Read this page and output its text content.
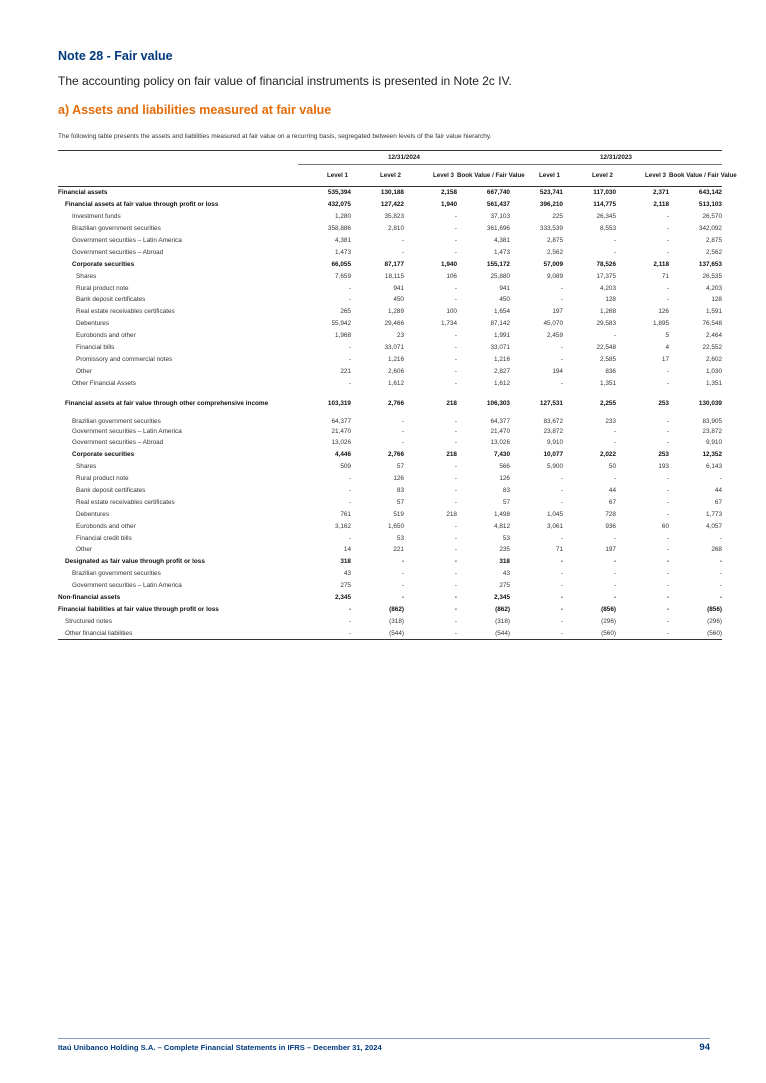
Note 28 - Fair value
The accounting policy on fair value of financial instruments is presented in Note 2c IV.
a) Assets and liabilities measured at fair value
The following table presents the assets and liabilities measured at fair value on a recurring basis, segregated between levels of the fair value hierarchy.
	12/31/2024				12/31/2023			
	Level 1	Level 2	Level 3	Book Value / Fair Value	Level 1	Level 2	Level 3	Book Value / Fair Value
Financial assets	535,394	130,188	2,158	667,740	523,741	117,030	2,371	643,142
Financial assets at fair value through profit or loss	432,075	127,422	1,940	561,437	396,210	114,775	2,118	513,103
Investment funds	1,280	35,823	-	37,103	225	26,345	-	26,570
Brazilian government securities	358,886	2,810	-	361,696	333,539	8,553	-	342,092
Government securities – Latin America	4,381	-	-	4,381	2,875	-	-	2,875
Government securities – Abroad	1,473	-	-	1,473	2,562	-	-	2,562
Corporate securities	66,055	87,177	1,940	155,172	57,009	78,526	2,118	137,653
Shares	7,659	18,115	106	25,880	9,089	17,375	71	26,535
Rural product note	-	941	-	941	-	4,203	-	4,203
Bank deposit certificates	-	450	-	450	-	128	-	128
Real estate receivables certificates	265	1,289	100	1,654	197	1,268	126	1,591
Debentures	55,942	29,466	1,734	87,142	45,070	29,583	1,895	76,548
Eurobonds and other	1,968	23	-	1,991	2,459	-	5	2,464
Financial bills	-	33,071	-	33,071	-	22,548	4	22,552
Promissory and commercial notes	-	1,216	-	1,216	-	2,585	17	2,602
Other	221	2,606	-	2,827	194	836	-	1,030
Other Financial Assets	-	1,612	-	1,612	-	1,351	-	1,351
Financial assets at fair value through other comprehensive income	103,319	2,766	218	106,303	127,531	2,255	253	130,039
Brazilian government securities	64,377	-	-	64,377	83,672	233	-	83,905
Government securities – Latin America	21,470	-	-	21,470	23,872	-	-	23,872
Government securities – Abroad	13,026	-	-	13,026	9,910	-	-	9,910
Corporate securities	4,446	2,766	218	7,430	10,077	2,022	253	12,352
Shares	509	57	-	566	5,900	50	193	6,143
Rural product note	-	126	-	126	-	-	-	-
Bank deposit certificates	-	83	-	83	-	44	-	44
Real estate receivables certificates	-	57	-	57	-	67	-	67
Debentures	761	519	218	1,498	1,045	728	-	1,773
Eurobonds and other	3,162	1,650	-	4,812	3,061	936	60	4,057
Financial credit bills	-	53	-	53	-	-	-	-
Other	14	221	-	235	71	197	-	268
Designated as fair value through profit or loss	318	-	-	318	-	-	-	-
Brazilian government securities	43	-	-	43	-	-	-	-
Government securities – Latin America	275	-	-	275	-	-	-	-
Non-financial assets	2,345	-	-	2,345	-	-	-	-
Financial liabilities at fair value through profit or loss	-	(862)	-	(862)	-	(856)	-	(856)
Structured notes	-	(318)	-	(318)	-	(296)	-	(296)
Other financial liabilities	-	(544)	-	(544)	-	(560)	-	(560)
Itaú Unibanco Holding S.A. – Complete Financial Statements in IFRS – December 31, 2024	94
